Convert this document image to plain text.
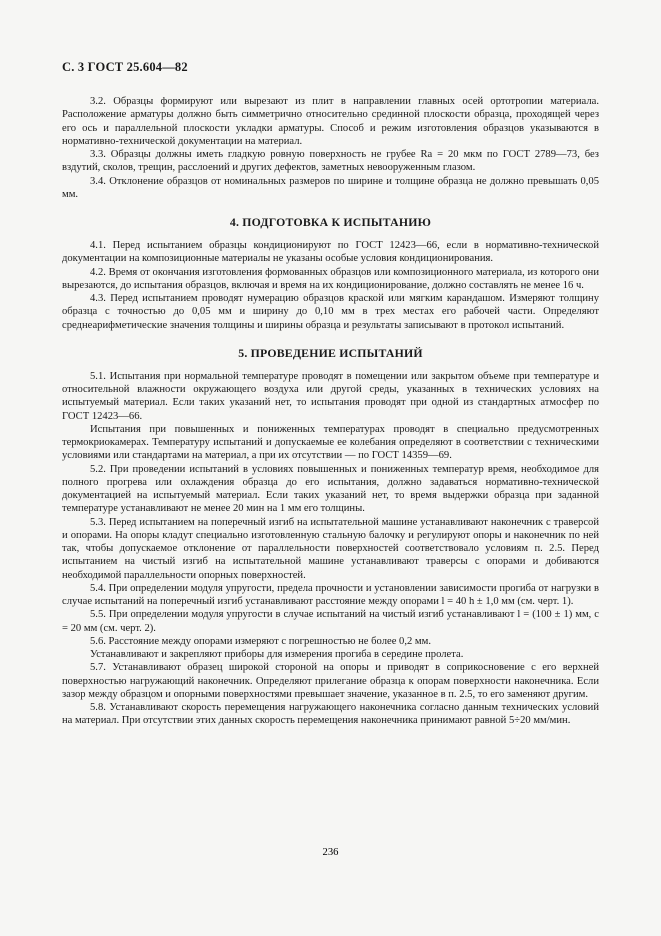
С. 3 ГОСТ 25.604—82

3.2. Образцы формируют или вырезают из плит в направлении главных осей ортотропии материала. Расположение арматуры должно быть симметрично относительно срединной плоскости образца, проходящей через его ось и параллельной плоскости укладки арматуры. Способ и режим изготовления образцов указываются в нормативно-технической документации на материал.

3.3. Образцы должны иметь гладкую ровную поверхность не грубее Ra = 20 мкм по ГОСТ 2789—73, без вздутий, сколов, трещин, расслоений и других дефектов, заметных невооруженным глазом.

3.4. Отклонение образцов от номинальных размеров по ширине и толщине образца не должно превышать 0,05 мм.

4. ПОДГОТОВКА К ИСПЫТАНИЮ

4.1. Перед испытанием образцы кондиционируют по ГОСТ 12423—66, если в нормативно-технической документации на композиционные материалы не указаны особые условия кондиционирования.

4.2. Время от окончания изготовления формованных образцов или композиционного материала, из которого они вырезаются, до испытания образцов, включая и время на их кондиционирование, должно составлять не менее 16 ч.

4.3. Перед испытанием проводят нумерацию образцов краской или мягким карандашом. Измеряют толщину образца с точностью до 0,05 мм и ширину до 0,10 мм в трех местах его рабочей части. Определяют среднеарифметические значения толщины и ширины образца и результаты записывают в протокол испытаний.

5. ПРОВЕДЕНИЕ ИСПЫТАНИЙ

5.1. Испытания при нормальной температуре проводят в помещении или закрытом объеме при температуре и относительной влажности окружающего воздуха или другой среды, указанных в технических условиях на испытуемый материал. Если таких указаний нет, то испытания проводят при одной из стандартных атмосфер по ГОСТ 12423—66.

Испытания при повышенных и пониженных температурах проводят в специально предусмотренных термокриокамерах. Температуру испытаний и допускаемые ее колебания определяют в соответствии с техническими условиями или стандартами на материал, а при их отсутствии — по ГОСТ 14359—69.

5.2. При проведении испытаний в условиях повышенных и пониженных температур время, необходимое для полного прогрева или охлаждения образца до его испытания, должно задаваться нормативно-технической документацией на испытуемый материал. Если таких указаний нет, то время выдержки образца при заданной температуре устанавливают не менее 20 мин на 1 мм его толщины.

5.3. Перед испытанием на поперечный изгиб на испытательной машине устанавливают наконечник с траверсой и опорами. На опоры кладут специально изготовленную стальную балочку и регулируют опоры и наконечник по ней так, чтобы допускаемое отклонение от параллельности поверхностей соответствовало условиям п. 2.5. Перед испытанием на чистый изгиб на испытательной машине устанавливают траверсы с опорами и добиваются необходимой параллельности опорных поверхностей.

5.4. При определении модуля упругости, предела прочности и установлении зависимости прогиба от нагрузки в случае испытаний на поперечный изгиб устанавливают расстояние между опорами l = 40 h ± 1,0 мм (см. черт. 1).

5.5. При определении модуля упругости в случае испытаний на чистый изгиб устанавливают l = (100 ± 1) мм, c = 20 мм (см. черт. 2).

5.6. Расстояние между опорами измеряют с погрешностью не более 0,2 мм.

Устанавливают и закрепляют приборы для измерения прогиба в середине пролета.

5.7. Устанавливают образец широкой стороной на опоры и приводят в соприкосновение с его верхней поверхностью нагружающий наконечник. Определяют прилегание образца к опорам поверхности наконечника. Если зазор между образцом и опорными поверхностями превышает значение, указанное в п. 2.5, то его заменяют другим.

5.8. Устанавливают скорость перемещения нагружающего наконечника согласно данным технических условий на материал. При отсутствии этих данных скорость перемещения наконечника принимают равной 5÷20 мм/мин.

236
